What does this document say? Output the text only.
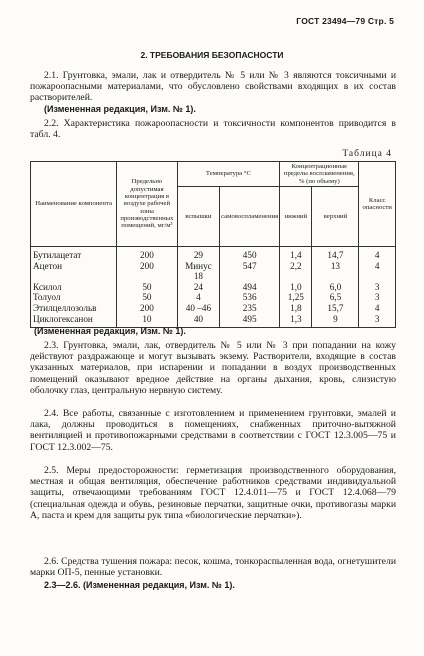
ГОСТ 23494—79 Стр. 5
2. ТРЕБОВАНИЯ БЕЗОПАСНОСТИ

2.1. Грунтовка, эмали, лак и отвердитель № 5 или № 3 являются токсичными и пожароопасными материалами, что обусловлено свойствами входящих в их состав растворителей.

(Измененная редакция, Изм. № 1).

2.2. Характеристика пожароопасности и токсичности компонентов приводится в табл. 4.

Таблица 4
Наименование компонента	Предельно допустимая концентрация в воздухе рабочей зоны производственных помещений, мг/м³	Температура °С		Концентрационные пределы воспламенения, % (по объему)		Класс опасности
		вспышки	самовоспламенения	нижний	верхний	
Бутилацетат	200	29	450	1,4	14,7	4
Ацетон	200	Минус 18	547	2,2	13	4
Ксилол	50	24	494	1,0	6,0	3
Толуол	50	4	536	1,25	6,5	3
Этилцеллозольв	200	40 –46	235	1,8	15,7	4
Циклогексанон	10	40	495	1,3	9	3

(Измененная редакция, Изм. № 1).

2.3. Грунтовка, эмали, лак, отвердитель № 5 или № 3 при попадании на кожу действуют раздражающе и могут вызывать экзему. Растворители, входящие в состав указанных материалов, при испарении и попадании в воздух производственных помещений оказывают вредное действие на органы дыхания, кровь, слизистую оболочку глаз, центральную нервную систему.

2.4. Все работы, связанные с изготовлением и применением грунтовки, эмалей и лака, должны проводиться в помещениях, снабженных приточно-вытяжной вентиляцией и противопожарными средствами в соответствии с ГОСТ 12.3.005—75 и ГОСТ 12.3.002—75.

2.5. Меры предосторожности: герметизация производственного оборудования, местная и общая вентиляция, обеспечение работников средствами индивидуальной защиты, отвечающими требованиям ГОСТ 12.4.011—75 и ГОСТ 12.4.068—79 (специальная одежда и обувь, резиновые перчатки, защитные очки, противогазы марки А, паста и крем для защиты рук типа «биологические перчатки»).

2.6. Средства тушения пожара: песок, кошма, тонкораспыленная вода, огнетушители марки ОП-5, пенные установки.

2.3—2.6. (Измененная редакция, Изм. № 1).
